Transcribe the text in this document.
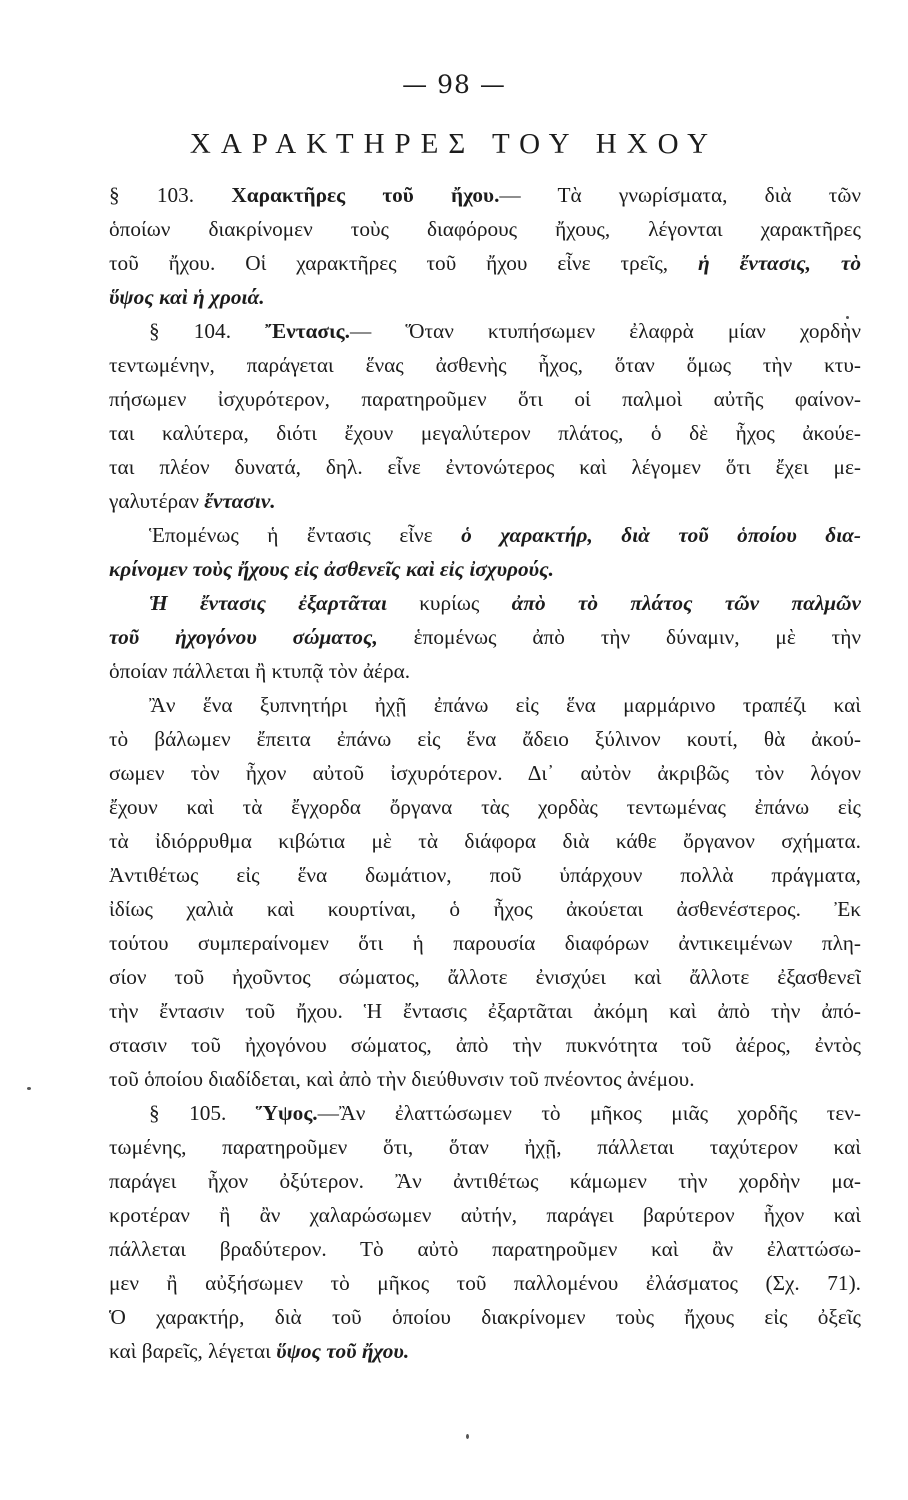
— 98 —
ΧΑΡΑΚΤΗΡΕΣ ΤΟΥ ΗΧΟΥ
§ 103. Χαρακτῆρες τοῦ ἤχου.— Τὰ γνωρίσματα, διὰ τῶν
ὁποίων διακρίνομεν τοὺς διαφόρους ἤχους, λέγονται χαρακτῆρες
τοῦ ἤχου. Οἱ χαρακτῆρες τοῦ ἤχου εἶνε τρεῖς, ἡ ἔντασις, τὸ
ὕψος καὶ ἡ χροιά.
§ 104. Ἔντασις.— Ὅταν κτυπήσωμεν ἐλαφρὰ μίαν χορδὴν
τεντωμένην, παράγεται ἕνας ἀσθενὴς ἦχος, ὅταν ὅμως τὴν κτυ-
πήσωμεν ἰσχυρότερον, παρατηροῦμεν ὅτι οἱ παλμοὶ αὐτῆς φαίνον-
ται καλύτερα, διότι ἔχουν μεγαλύτερον πλάτος, ὁ δὲ ἦχος ἀκούε-
ται πλέον δυνατά, δηλ. εἶνε ἐντονώτερος καὶ λέγομεν ὅτι ἔχει με-
γαλυτέραν ἔντασιν.
Ἑπομένως ἡ ἔντασις εἶνε ὁ χαρακτήρ, διὰ τοῦ ὁποίου δια-
κρίνομεν τοὺς ἤχους εἰς ἀσθενεῖς καὶ εἰς ἰσχυρούς.
Ἡ ἔντασις ἐξαρτᾶται κυρίως ἀπὸ τὸ πλάτος τῶν παλμῶν
τοῦ ἠχογόνου σώματος, ἑπομένως ἀπὸ τὴν δύναμιν, μὲ τὴν
ὁποίαν πάλλεται ἢ κτυπᾷ τὸν ἀέρα.
Ἂν ἕνα ξυπνητήρι ἠχῇ ἐπάνω εἰς ἕνα μαρμάρινο τραπέζι καὶ
τὸ βάλωμεν ἔπειτα ἐπάνω εἰς ἕνα ἄδειο ξύλινον κουτί, θὰ ἀκού-
σωμεν τὸν ἦχον αὐτοῦ ἰσχυρότερον. Δι᾽ αὐτὸν ἀκριβῶς τὸν λόγον
ἔχουν καὶ τὰ ἔγχορδα ὄργανα τὰς χορδὰς τεντωμένας ἐπάνω εἰς
τὰ ἰδιόρρυθμα κιβώτια μὲ τὰ διάφορα διὰ κάθε ὄργανον σχήματα.
Ἀντιθέτως εἰς ἕνα δωμάτιον, ποῦ ὑπάρχουν πολλὰ πράγματα,
ἰδίως χαλιὰ καὶ κουρτίναι, ὁ ἦχος ἀκούεται ἀσθενέστερος. Ἐκ
τούτου συμπεραίνομεν ὅτι ἡ παρουσία διαφόρων ἀντικειμένων πλη-
σίον τοῦ ἠχοῦντος σώματος, ἄλλοτε ἐνισχύει καὶ ἄλλοτε ἐξασθενεῖ
τὴν ἔντασιν τοῦ ἤχου. Ἡ ἔντασις ἐξαρτᾶται ἀκόμη καὶ ἀπὸ τὴν ἀπό-
στασιν τοῦ ἠχογόνου σώματος, ἀπὸ τὴν πυκνότητα τοῦ ἀέρος, ἐντὸς
τοῦ ὁποίου διαδίδεται, καὶ ἀπὸ τὴν διεύθυνσιν τοῦ πνέοντος ἀνέμου.
§ 105. Ὕψος.—Ἂν ἐλαττώσωμεν τὸ μῆκος μιᾶς χορδῆς τεν-
τωμένης, παρατηροῦμεν ὅτι, ὅταν ἠχῇ, πάλλεται ταχύτερον καὶ
παράγει ἦχον ὀξύτερον. Ἂν ἀντιθέτως κάμωμεν τὴν χορδὴν μα-
κροτέραν ἢ ἂν χαλαρώσωμεν αὐτήν, παράγει βαρύτερον ἦχον καὶ
πάλλεται βραδύτερον. Τὸ αὐτὸ παρατηροῦμεν καὶ ἂν ἐλαττώσω-
μεν ἢ αὐξήσωμεν τὸ μῆκος τοῦ παλλομένου ἐλάσματος (Σχ. 71).
Ὁ χαρακτήρ, διὰ τοῦ ὁποίου διακρίνομεν τοὺς ἤχους εἰς ὀξεῖς
καὶ βαρεῖς, λέγεται ὕψος τοῦ ἤχου.
